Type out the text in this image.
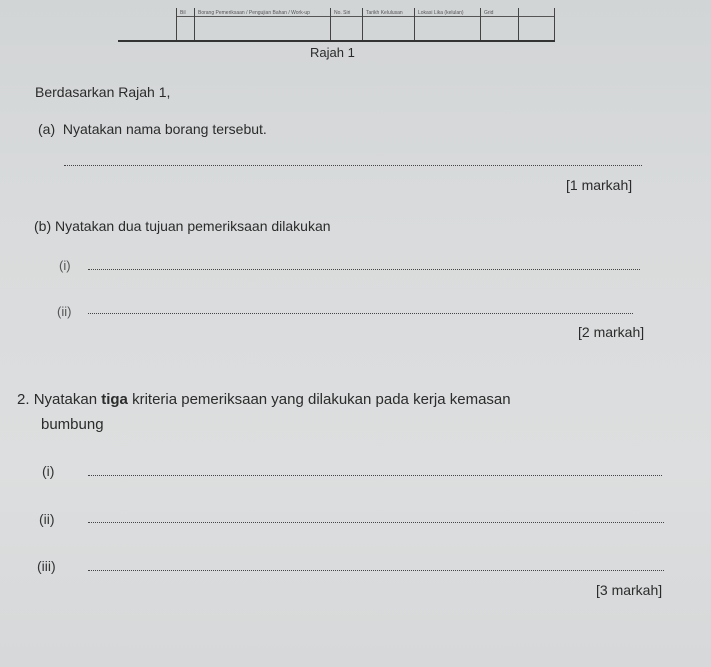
Bil Borang Pemeriksaan / Pengujian Bahan / Work-up	No. Siri	Tarikh Kelulusan	Lokasi Lika (kelulan)	Grid
Rajah 1
Berdasarkan Rajah 1,
(a) Nyatakan nama borang tersebut.
[1 markah]
(b) Nyatakan dua tujuan pemeriksaan dilakukan
(i)
(ii)
[2 markah]
2. Nyatakan tiga kriteria pemeriksaan yang dilakukan pada kerja kemasan
bumbung
(i)
(ii)
(iii)
[3 markah]
